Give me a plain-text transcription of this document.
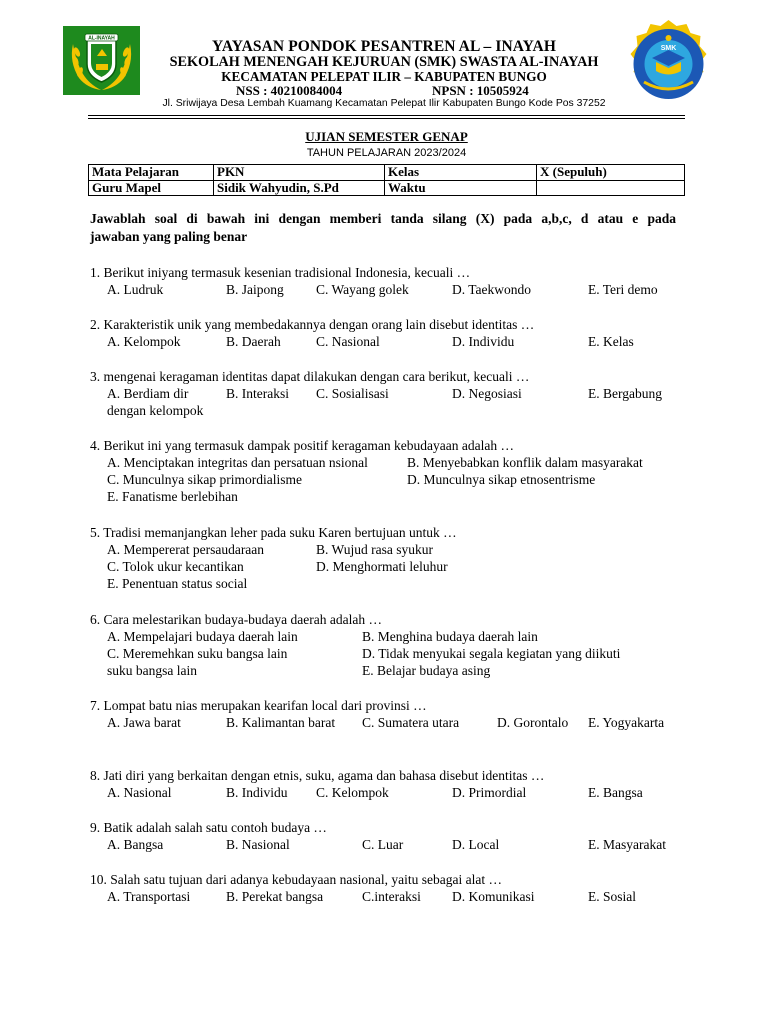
AL-INAYAH
SMK
YAYASAN PONDOK PESANTREN AL – INAYAH
SEKOLAH MENENGAH KEJURUAN (SMK) SWASTA AL-INAYAH
KECAMATAN PELEPAT ILIR – KABUPATEN BUNGO
NSS : 40210084004	NPSN : 10505924
Jl. Sriwijaya Desa Lembah Kuamang Kecamatan Pelepat Ilir Kabupaten Bungo Kode Pos 37252
UJIAN SEMESTER GENAP
TAHUN PELAJARAN 2023/2024
Mata Pelajaran	PKN	Kelas	X (Sepuluh)
Guru Mapel	Sidik Wahyudin, S.Pd	Waktu	
Jawablah soal di bawah ini dengan memberi tanda silang (X) pada a,b,c, d atau e pada
jawaban yang paling benar
1. Berikut iniyang termasuk kesenian tradisional Indonesia, kecuali …
A. Ludruk	B. Jaipong C. Wayang golek	D. Taekwondo	E. Teri demo
2. Karakteristik unik yang membedakannya dengan orang lain disebut identitas …
A. Kelompok	B. Daerah	C. Nasional	D. Individu	E. Kelas
3. mengenai keragaman identitas dapat dilakukan dengan cara berikut, kecuali …
A. Berdiam dir	B. Interaksi C. Sosialisasi	D. Negosiasi	E. Bergabung
dengan kelompok
4. Berikut ini yang termasuk dampak positif keragaman kebudayaan adalah …
A. Menciptakan integritas dan persatuan nsional	B. Menyebabkan konflik dalam masyarakat
C. Munculnya sikap primordialisme	D. Munculnya sikap etnosentrisme
E. Fanatisme berlebihan
5. Tradisi memanjangkan leher pada suku Karen bertujuan untuk …
A. Mempererat persaudaraan	B. Wujud rasa syukur
C. Tolok ukur kecantikan	D. Menghormati leluhur
E. Penentuan status social
6. Cara melestarikan budaya-budaya daerah adalah …
A. Mempelajari budaya daerah lain	B. Menghina budaya daerah lain
C. Meremehkan suku bangsa lain	D. Tidak menyukai segala kegiatan yang diikuti
suku bangsa lain	E. Belajar budaya asing
7. Lompat batu nias merupakan kearifan local dari provinsi …
A. Jawa barat	B. Kalimantan barat C. Sumatera utara	D. Gorontalo E. Yogyakarta
8. Jati diri yang berkaitan dengan etnis, suku, agama dan bahasa disebut identitas …
A. Nasional	B. Individu C. Kelompok	D. Primordial	E. Bangsa
9. Batik adalah salah satu contoh budaya …
A. Bangsa	B. Nasional	C. Luar	D. Local	E. Masyarakat
10. Salah satu tujuan dari adanya kebudayaan nasional, yaitu sebagai alat …
A. Transportasi	B. Perekat bangsa	C.interaksi D. Komunikasi	E. Sosial
